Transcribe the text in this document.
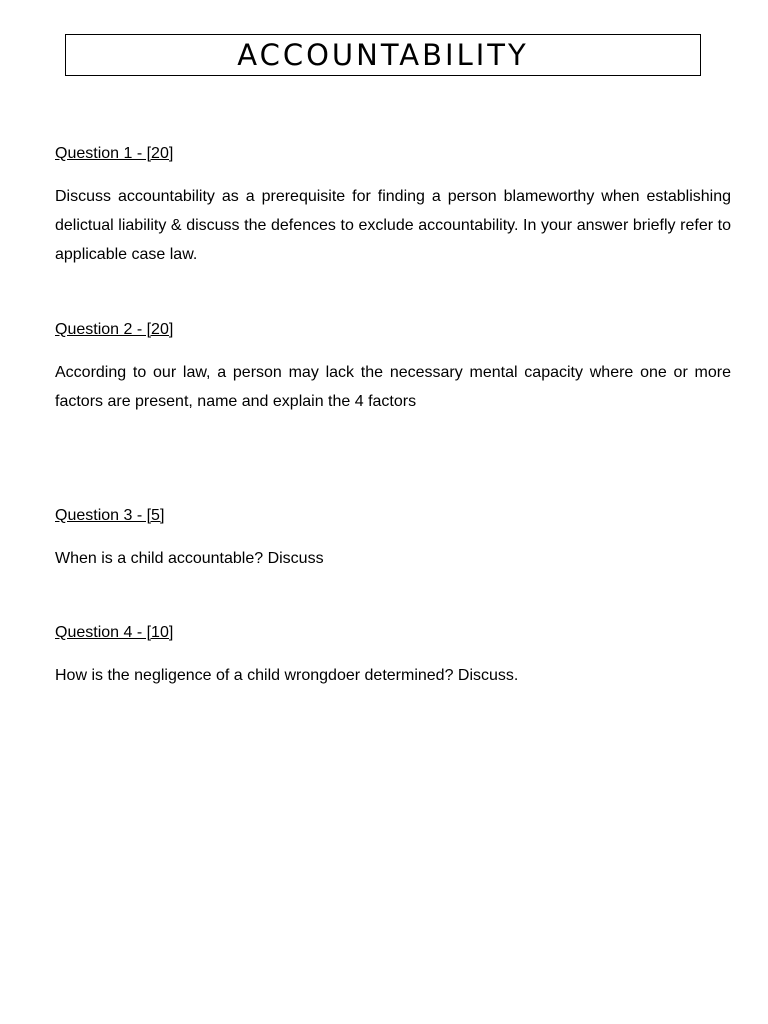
ACCOUNTABILITY

Question 1 - [20]

Discuss accountability as a prerequisite for finding a person blameworthy when establishing delictual liability & discuss the defences to exclude accountability. In your answer briefly refer to applicable case law.

Question 2 - [20]

According to our law, a person may lack the necessary mental capacity where one or more factors are present, name and explain the 4 factors

Question 3 - [5]

When is a child accountable? Discuss

Question 4 - [10]

How is the negligence of a child wrongdoer determined? Discuss.
